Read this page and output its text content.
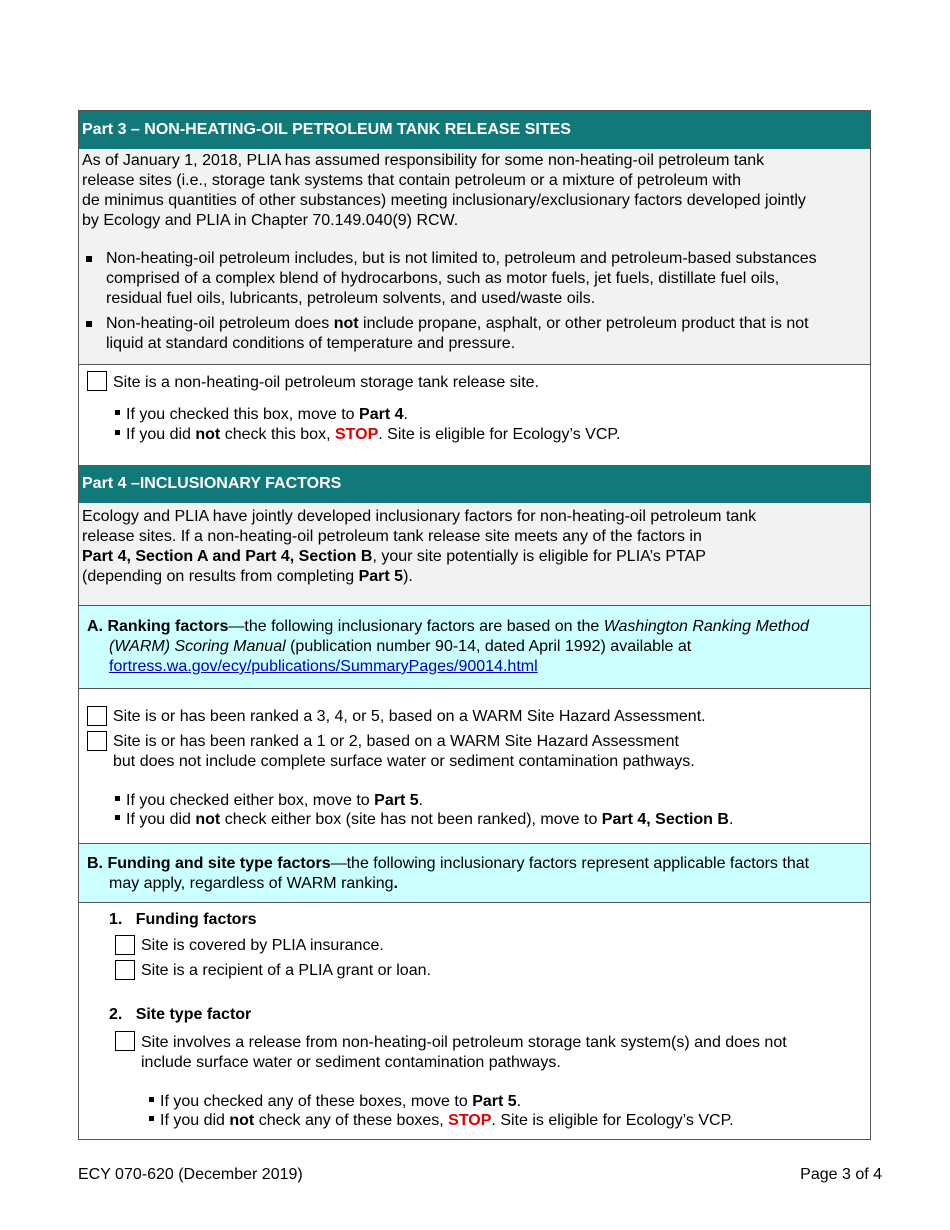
Part 3 – NON-HEATING-OIL PETROLEUM TANK RELEASE SITES
As of January 1, 2018, PLIA has assumed responsibility for some non-heating-oil petroleum tank
release sites (i.e., storage tank systems that contain petroleum or a mixture of petroleum with
de minimus quantities of other substances) meeting inclusionary/exclusionary factors developed jointly
by Ecology and PLIA in Chapter 70.149.040(9) RCW.
Non-heating-oil petroleum includes, but is not limited to, petroleum and petroleum-based substances
comprised of a complex blend of hydrocarbons, such as motor fuels, jet fuels, distillate fuel oils,
residual fuel oils, lubricants, petroleum solvents, and used/waste oils.
Non-heating-oil petroleum does not include propane, asphalt, or other petroleum product that is not
liquid at standard conditions of temperature and pressure.
Site is a non-heating-oil petroleum storage tank release site.
If you checked this box, move to Part 4.
If you did not check this box, STOP. Site is eligible for Ecology’s VCP.
Part 4 –INCLUSIONARY FACTORS
Ecology and PLIA have jointly developed inclusionary factors for non-heating-oil petroleum tank
release sites. If a non-heating-oil petroleum tank release site meets any of the factors in
Part 4, Section A and Part 4, Section B, your site potentially is eligible for PLIA’s PTAP
(depending on results from completing Part 5).
A. Ranking factors—the following inclusionary factors are based on the Washington Ranking Method
(WARM) Scoring Manual (publication number 90-14, dated April 1992) available at
fortress.wa.gov/ecy/publications/SummaryPages/90014.html
Site is or has been ranked a 3, 4, or 5, based on a WARM Site Hazard Assessment.
Site is or has been ranked a 1 or 2, based on a WARM Site Hazard Assessment
but does not include complete surface water or sediment contamination pathways.
If you checked either box, move to Part 5.
If you did not check either box (site has not been ranked), move to Part 4, Section B.
B. Funding and site type factors—the following inclusionary factors represent applicable factors that
may apply, regardless of WARM ranking.
1. Funding factors
Site is covered by PLIA insurance.
Site is a recipient of a PLIA grant or loan.
2. Site type factor
Site involves a release from non-heating-oil petroleum storage tank system(s) and does not
include surface water or sediment contamination pathways.
If you checked any of these boxes, move to Part 5.
If you did not check any of these boxes, STOP. Site is eligible for Ecology’s VCP.
ECY 070-620 (December 2019)	Page 3 of 4
